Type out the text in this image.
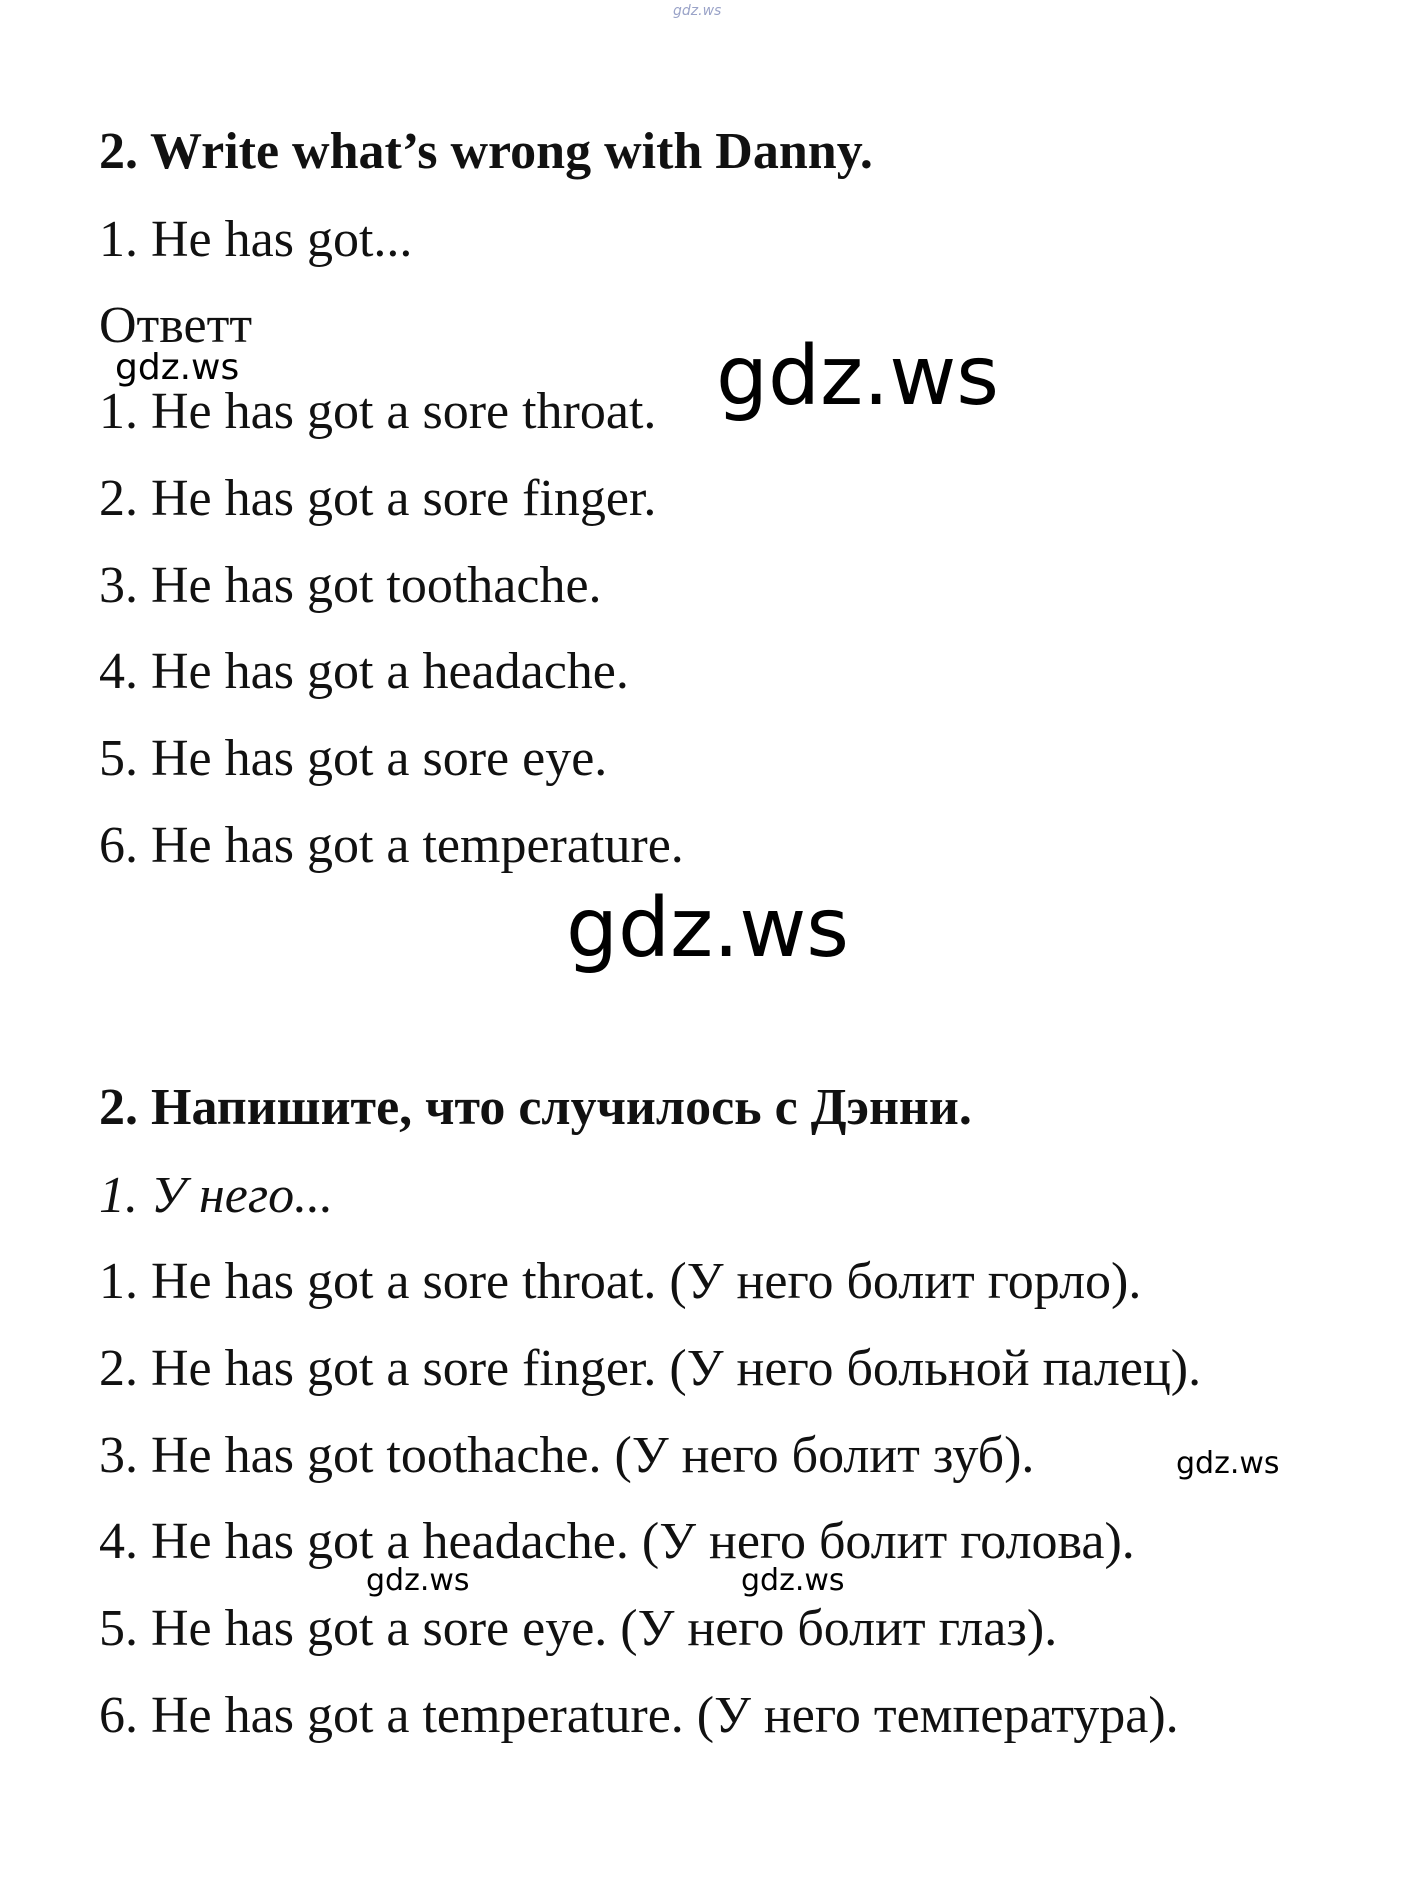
gdz.ws
2. Write what’s wrong with Danny.
1. He has got...
Ответт
gdz.ws
1. He has got a sore throat.
2. He has got a sore finger.
3. He has got toothache.
4. He has got a headache.
5. He has got a sore eye.
6. He has got a temperature.
gdz.ws
gdz.ws
2. Напишите, что случилось с Дэнни.
1. У него...
1. He has got a sore throat. (У него болит горло).
2. He has got a sore finger. (У него больной палец).
3. He has got toothache. (У него болит зуб).
4. He has got a headache. (У него болит голова).
5. He has got a sore eye. (У него болит глаз).
6. He has got a temperature. (У него температура).
gdz.ws
gdz.ws	gdz.ws
